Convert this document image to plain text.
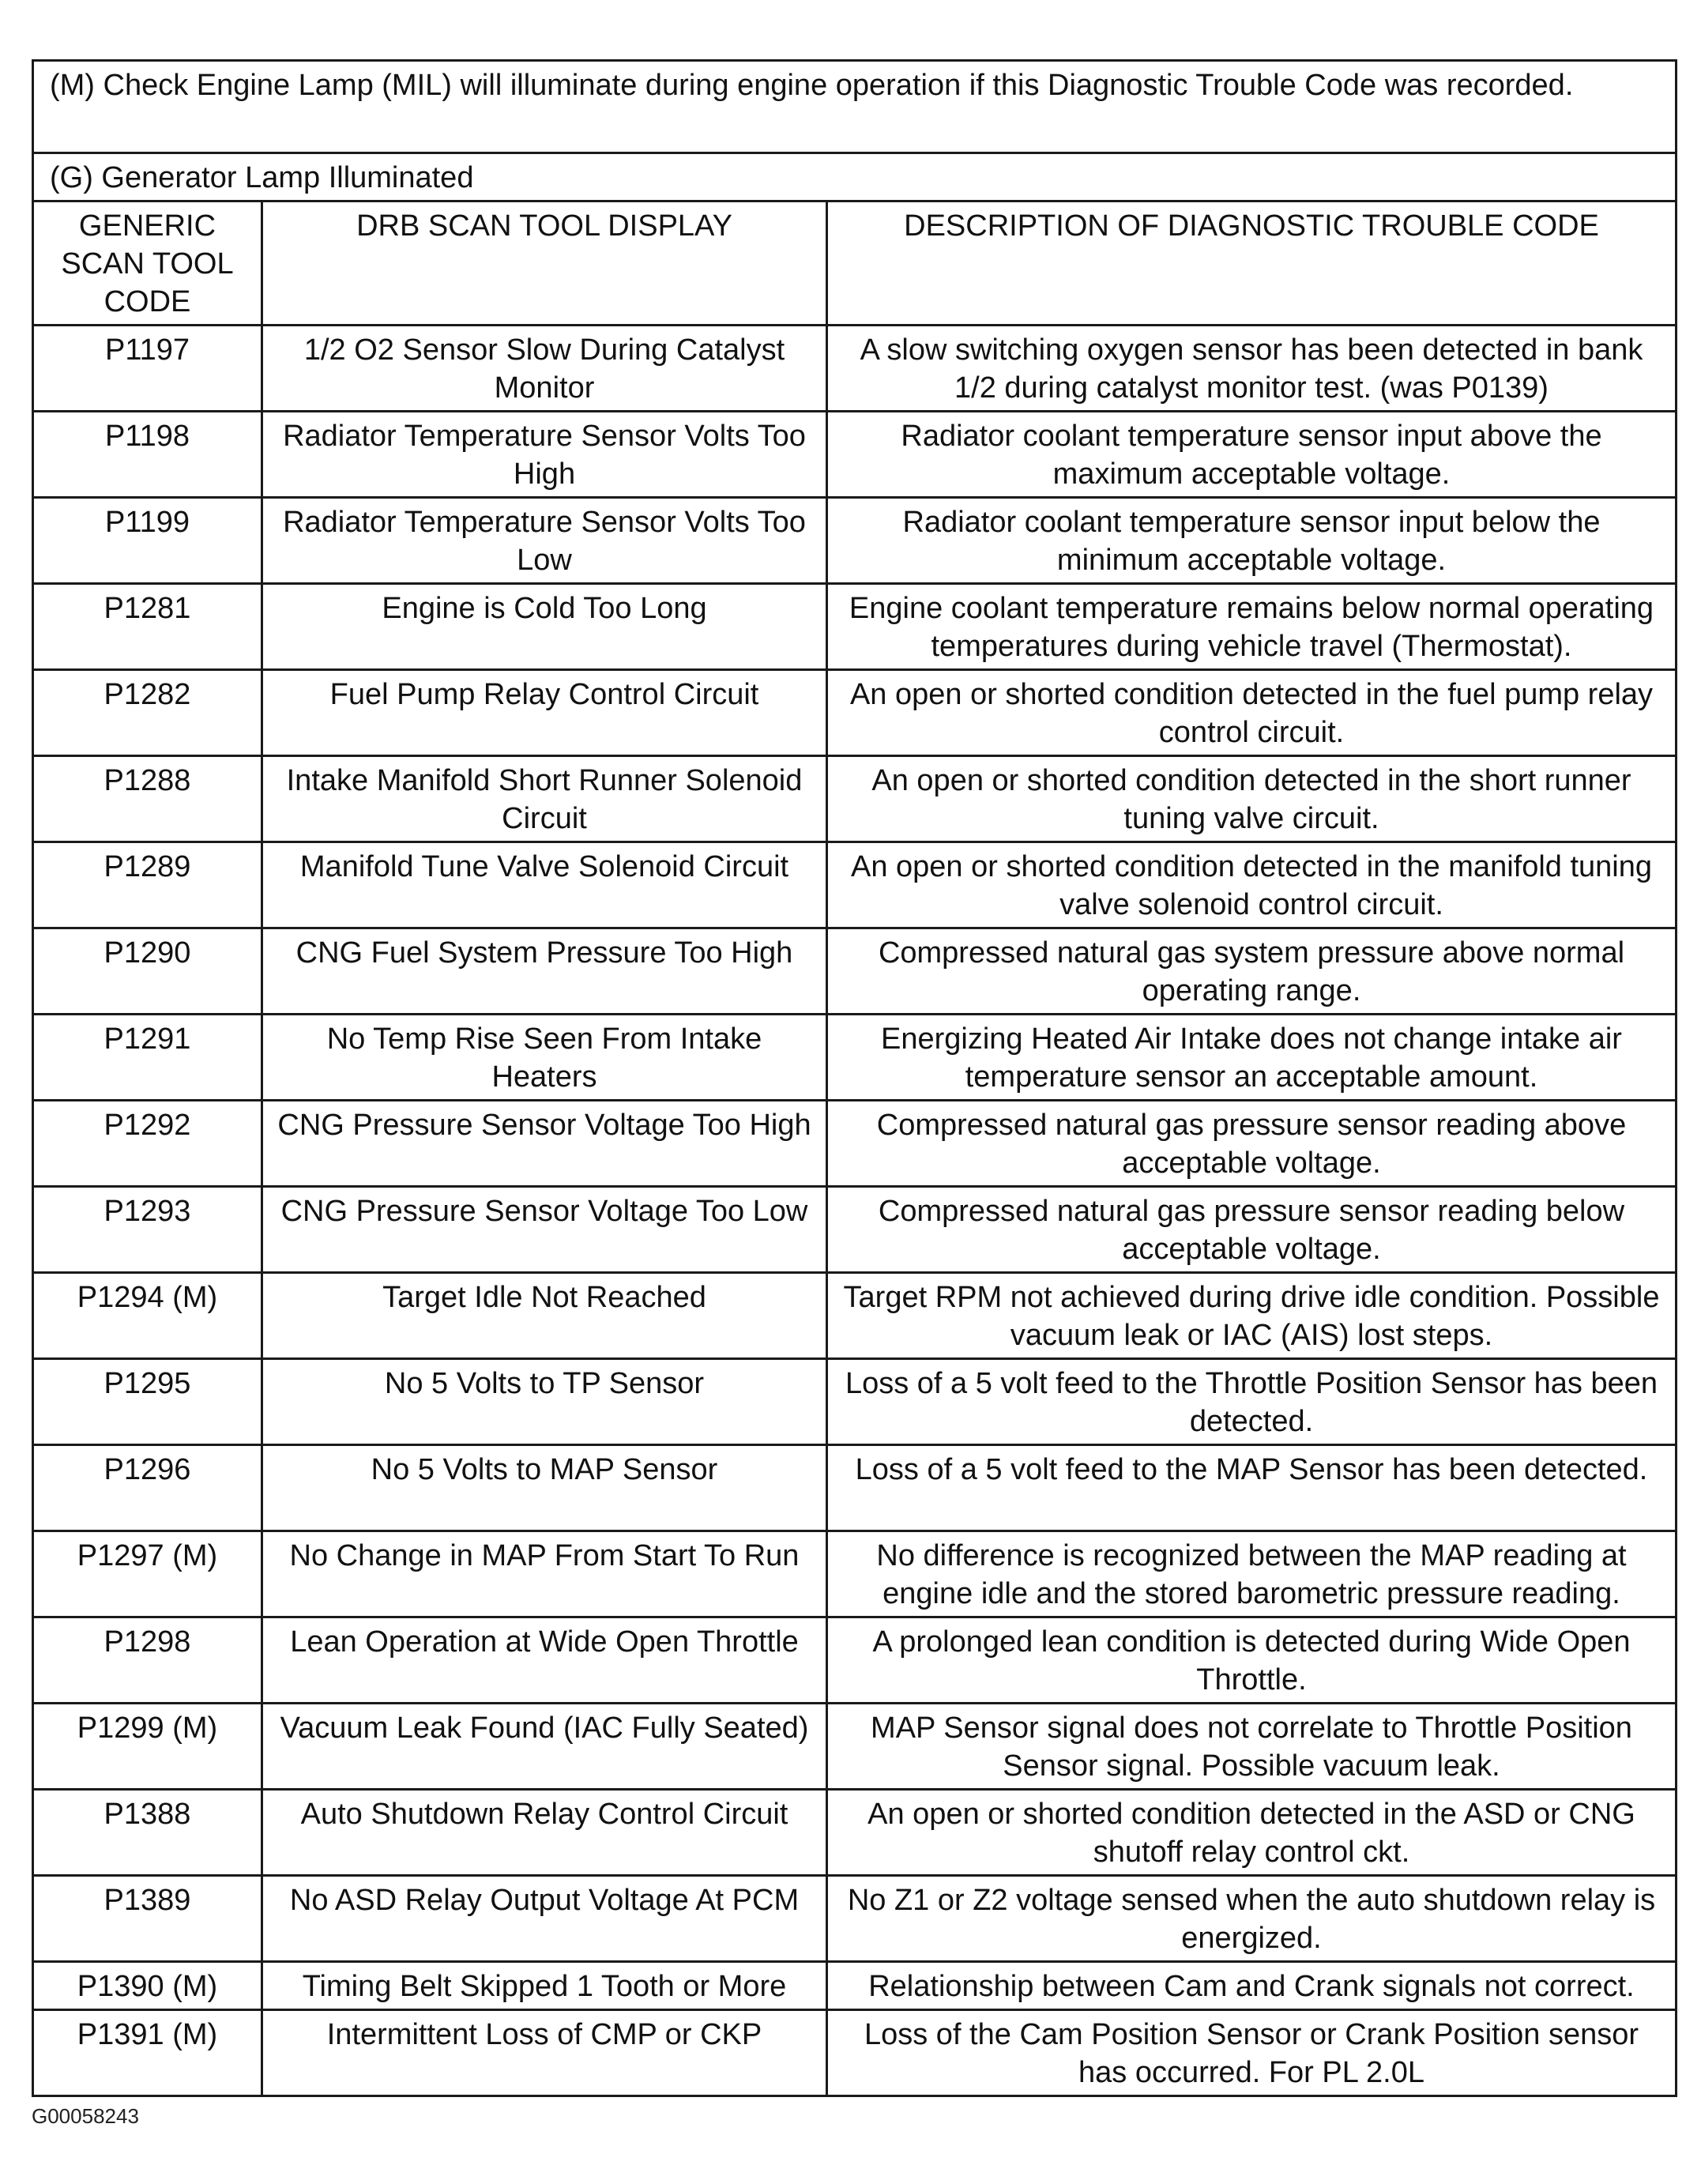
(M) Check Engine Lamp (MIL) will illuminate during engine operation if this Diagnostic Trouble Code was recorded.		
(G) Generator Lamp Illuminated		
GENERIC SCAN TOOL CODE	DRB SCAN TOOL DISPLAY	DESCRIPTION OF DIAGNOSTIC TROUBLE CODE
P1197	1/2 O2 Sensor Slow During Catalyst Monitor	A slow switching oxygen sensor has been detected in bank 1/2 during catalyst monitor test. (was P0139)
P1198	Radiator Temperature Sensor Volts Too High	Radiator coolant temperature sensor input above the maximum acceptable voltage.
P1199	Radiator Temperature Sensor Volts Too Low	Radiator coolant temperature sensor input below the minimum acceptable voltage.
P1281	Engine is Cold Too Long	Engine coolant temperature remains below normal operating temperatures during vehicle travel (Thermostat).
P1282	Fuel Pump Relay Control Circuit	An open or shorted condition detected in the fuel pump relay control circuit.
P1288	Intake Manifold Short Runner Solenoid Circuit	An open or shorted condition detected in the short runner tuning valve circuit.
P1289	Manifold Tune Valve Solenoid Circuit	An open or shorted condition detected in the manifold tuning valve solenoid control circuit.
P1290	CNG Fuel System Pressure Too High	Compressed natural gas system pressure above normal operating range.
P1291	No Temp Rise Seen From Intake Heaters	Energizing Heated Air Intake does not change intake air temperature sensor an acceptable amount.
P1292	CNG Pressure Sensor Voltage Too High	Compressed natural gas pressure sensor reading above acceptable voltage.
P1293	CNG Pressure Sensor Voltage Too Low	Compressed natural gas pressure sensor reading below acceptable voltage.
P1294 (M)	Target Idle Not Reached	Target RPM not achieved during drive idle condition. Possible vacuum leak or IAC (AIS) lost steps.
P1295	No 5 Volts to TP Sensor	Loss of a 5 volt feed to the Throttle Position Sensor has been detected.
P1296	No 5 Volts to MAP Sensor	Loss of a 5 volt feed to the MAP Sensor has been detected.
P1297 (M)	No Change in MAP From Start To Run	No difference is recognized between the MAP reading at engine idle and the stored barometric pressure reading.
P1298	Lean Operation at Wide Open Throttle	A prolonged lean condition is detected during Wide Open Throttle.
P1299 (M)	Vacuum Leak Found (IAC Fully Seated)	MAP Sensor signal does not correlate to Throttle Position Sensor signal. Possible vacuum leak.
P1388	Auto Shutdown Relay Control Circuit	An open or shorted condition detected in the ASD or CNG shutoff relay control ckt.
P1389	No ASD Relay Output Voltage At PCM	No Z1 or Z2 voltage sensed when the auto shutdown relay is energized.
P1390 (M)	Timing Belt Skipped 1 Tooth or More	Relationship between Cam and Crank signals not correct.
P1391 (M)	Intermittent Loss of CMP or CKP	Loss of the Cam Position Sensor or Crank Position sensor has occurred. For PL 2.0L
G00058243
